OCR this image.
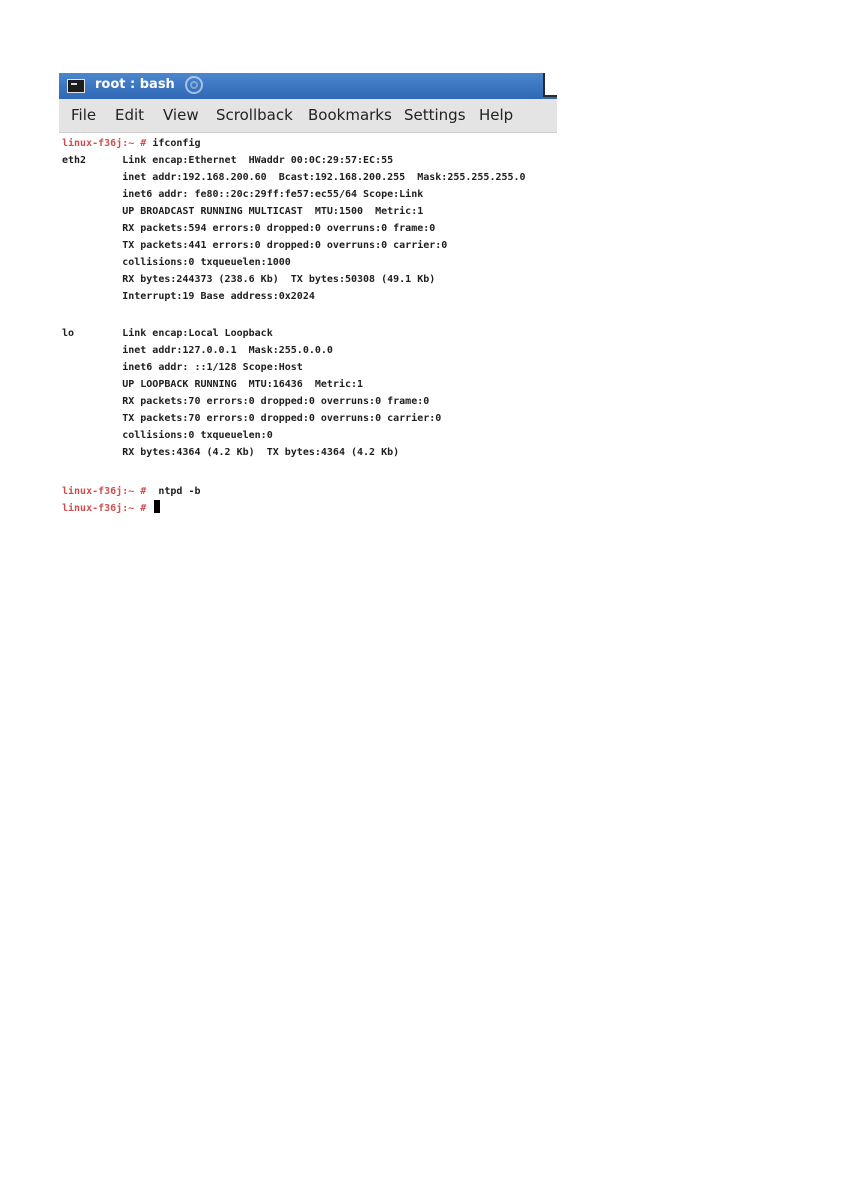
root : bash
File Edit View Scrollback Bookmarks Settings Help
linux-f36j:~ # ifconfig
eth2      Link encap:Ethernet  HWaddr 00:0C:29:57:EC:55
inet addr:192.168.200.60  Bcast:192.168.200.255  Mask:255.255.255.0
inet6 addr: fe80::20c:29ff:fe57:ec55/64 Scope:Link
UP BROADCAST RUNNING MULTICAST  MTU:1500  Metric:1
RX packets:594 errors:0 dropped:0 overruns:0 frame:0
TX packets:441 errors:0 dropped:0 overruns:0 carrier:0
collisions:0 txqueuelen:1000
RX bytes:244373 (238.6 Kb)  TX bytes:50308 (49.1 Kb)
Interrupt:19 Base address:0x2024
lo        Link encap:Local Loopback
inet addr:127.0.0.1  Mask:255.0.0.0
inet6 addr: ::1/128 Scope:Host
UP LOOPBACK RUNNING  MTU:16436  Metric:1
RX packets:70 errors:0 dropped:0 overruns:0 frame:0
TX packets:70 errors:0 dropped:0 overruns:0 carrier:0
collisions:0 txqueuelen:0
RX bytes:4364 (4.2 Kb)  TX bytes:4364 (4.2 Kb)
linux-f36j:~ # ntpd -b
linux-f36j:~ #
